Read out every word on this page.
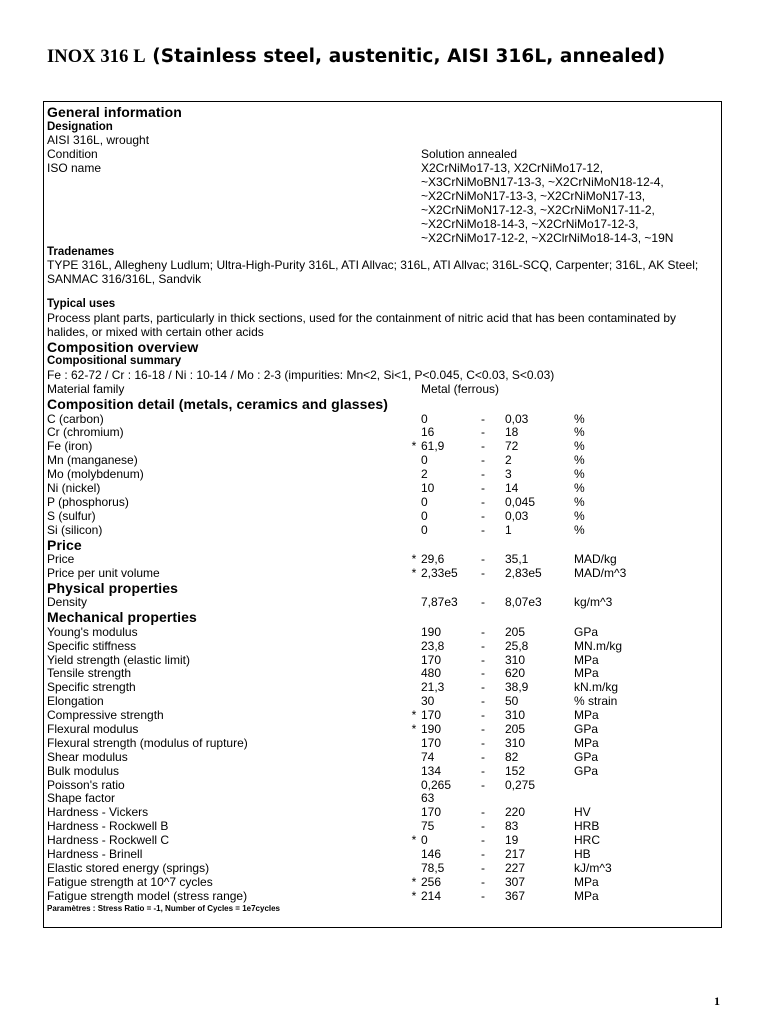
INOX 316 L (Stainless steel, austenitic, AISI 316L, annealed)
General information
Designation
AISI 316L, wrought
Condition	Solution annealed
ISO name	X2CrNiMo17-13, X2CrNiMo17-12,
~X3CrNiMoBN17-13-3, ~X2CrNiMoN18-12-4,
~X2CrNiMoN17-13-3, ~X2CrNiMoN17-13,
~X2CrNiMoN17-12-3, ~X2CrNiMoN17-11-2,
~X2CrNiMo18-14-3, ~X2CrNiMo17-12-3,
~X2CrNiMo17-12-2, ~X2ClrNiMo18-14-3, ~19N
Tradenames
TYPE 316L, Allegheny Ludlum; Ultra-High-Purity 316L, ATI Allvac; 316L, ATI Allvac; 316L-SCQ, Carpenter; 316L, AK Steel; SANMAC 316/316L, Sandvik
Typical uses
Process plant parts, particularly in thick sections, used for the containment of nitric acid that has been contaminated by halides, or mixed with certain other acids
Composition overview
Compositional summary
Fe : 62-72 / Cr : 16-18 / Ni : 10-14 / Mo : 2-3 (impurities: Mn<2, Si<1, P<0.045, C<0.03, S<0.03)
Material family	Metal (ferrous)
Composition detail (metals, ceramics and glasses)
C (carbon)	0	- 0,03	%
Cr (chromium)	16	- 18	%
Fe (iron)	* 61,9	- 72	%
Mn (manganese)	0	- 2	%
Mo (molybdenum)	2	- 3	%
Ni (nickel)	10	- 14	%
P (phosphorus)	0	- 0,045	%
S (sulfur)	0	- 0,03	%
Si (silicon)	0	- 1	%
Price
Price	* 29,6	- 35,1	MAD/kg
Price per unit volume	* 2,33e5 - 2,83e5	MAD/m^3
Physical properties
Density	7,87e3 - 8,07e3	kg/m^3
Mechanical properties
Young's modulus	190	- 205	GPa
Specific stiffness	23,8	- 25,8	MN.m/kg
Yield strength (elastic limit)	170	- 310	MPa
Tensile strength	480	- 620	MPa
Specific strength	21,3	- 38,9	kN.m/kg
Elongation	30	- 50	% strain
Compressive strength	* 170	- 310	MPa
Flexural modulus	* 190	- 205	GPa
Flexural strength (modulus of rupture)	170	- 310	MPa
Shear modulus	74	- 82	GPa
Bulk modulus	134	- 152	GPa
Poisson's ratio	0,265 - 0,275
Shape factor	63
Hardness - Vickers	170	- 220	HV
Hardness - Rockwell B	75	- 83	HRB
Hardness - Rockwell C	* 0	- 19	HRC
Hardness - Brinell	146	- 217	HB
Elastic stored energy (springs)	78,5	- 227	kJ/m^3
Fatigue strength at 10^7 cycles	* 256	- 307	MPa
Fatigue strength model (stress range)	* 214	- 367	MPa
Paramètres : Stress Ratio = -1, Number of Cycles = 1e7cycles
1
